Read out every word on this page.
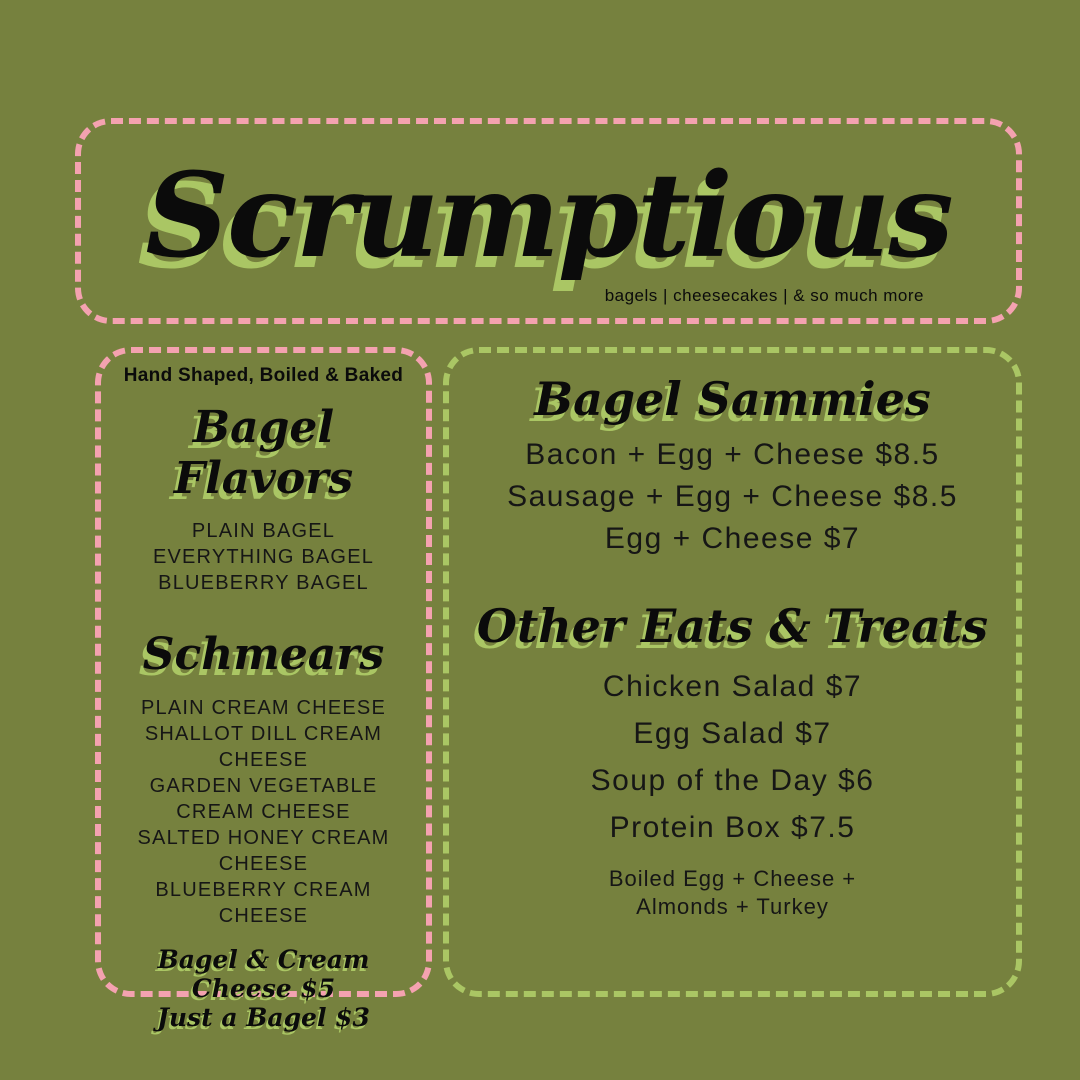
Scrumptious
bagels | cheesecakes | & so much more
Hand Shaped, Boiled & Baked
Bagel Flavors
PLAIN BAGEL
EVERYTHING BAGEL
BLUEBERRY BAGEL
Schmears
PLAIN CREAM CHEESE
SHALLOT DILL CREAM CHEESE
GARDEN VEGETABLE CREAM CHEESE
SALTED HONEY CREAM CHEESE
BLUEBERRY CREAM CHEESE
Bagel & Cream Cheese $5
Just a Bagel $3
Bagel Sammies
Bacon + Egg + Cheese $8.5
Sausage + Egg + Cheese $8.5
Egg + Cheese $7
Other Eats & Treats
Chicken Salad $7
Egg Salad $7
Soup of the Day $6
Protein Box $7.5
Boiled Egg + Cheese +
Almonds + Turkey
